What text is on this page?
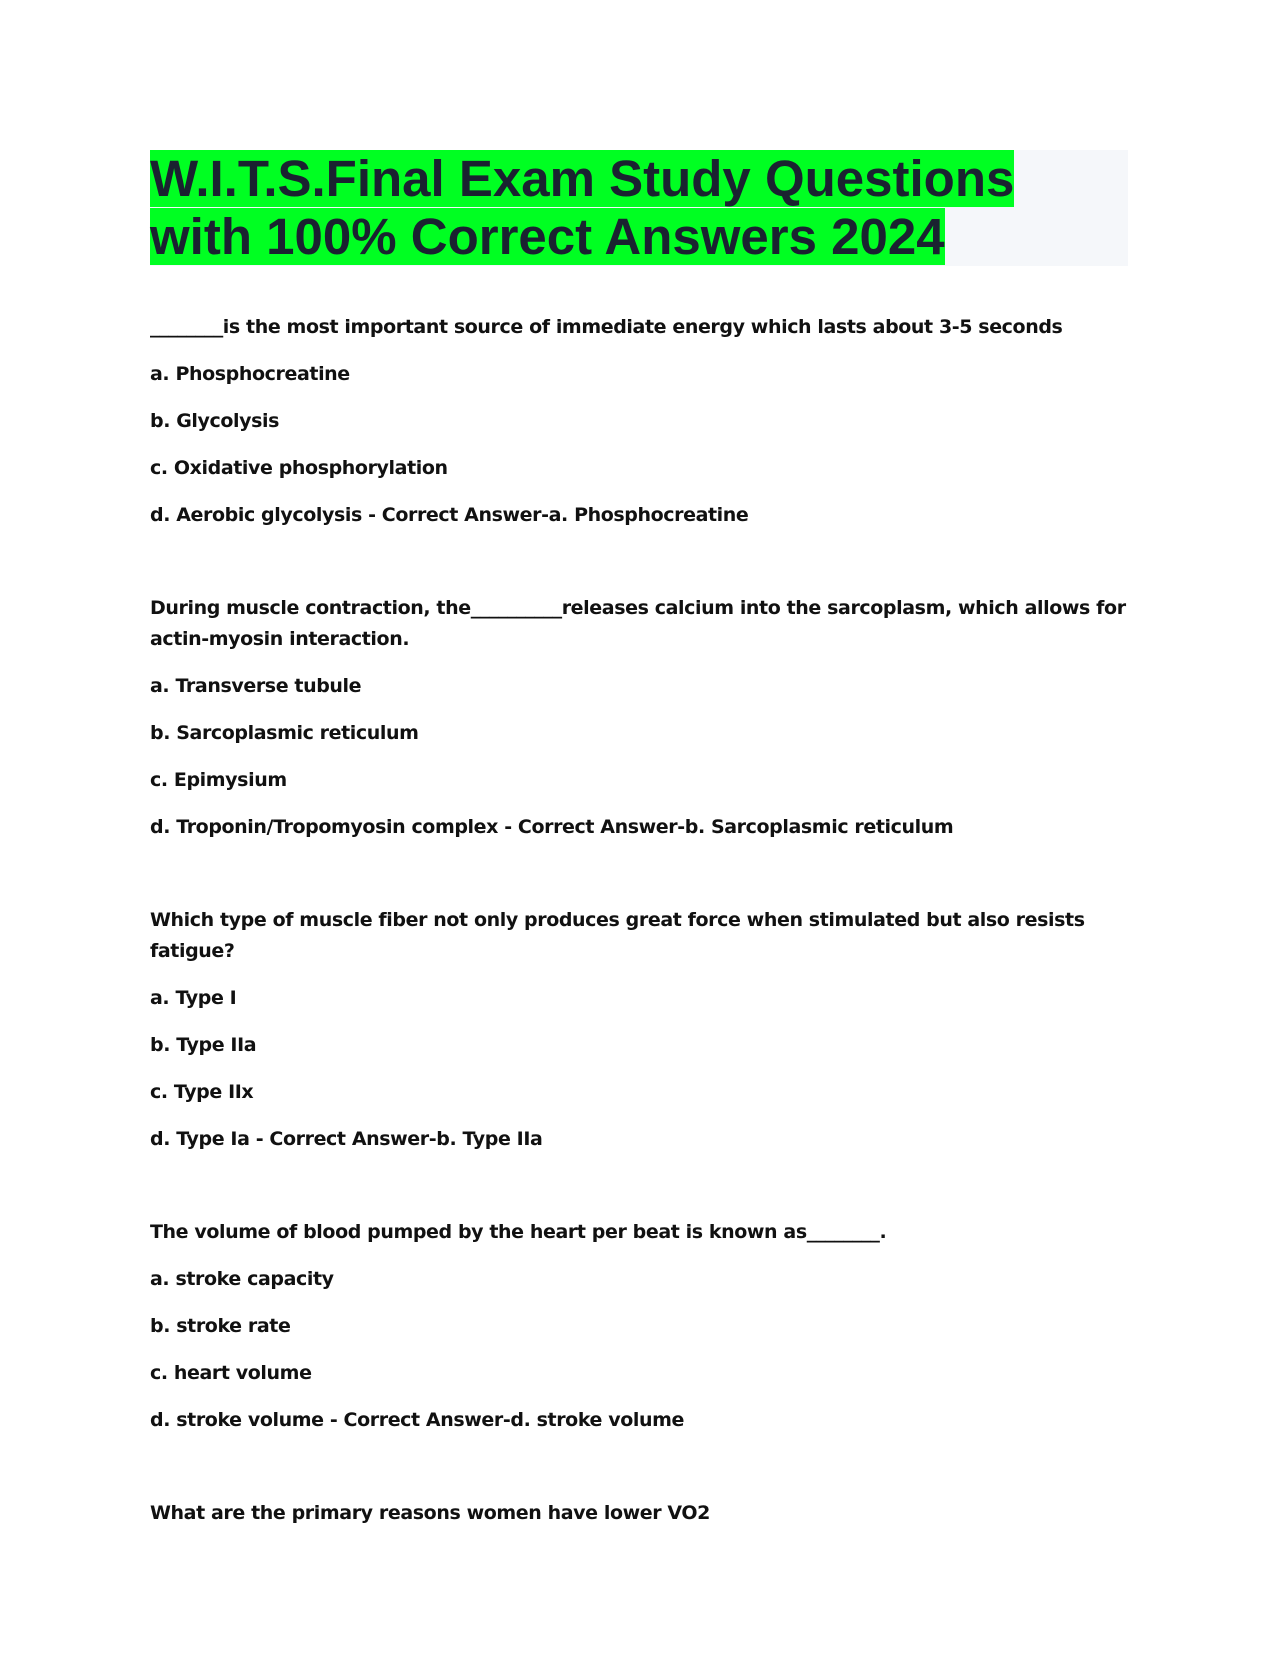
W.I.T.S.Final Exam Study Questions with 100% Correct Answers 2024

________is the most important source of immediate energy which lasts about 3-5 seconds

a. Phosphocreatine

b. Glycolysis

c. Oxidative phosphorylation

d. Aerobic glycolysis - Correct Answer-a. Phosphocreatine

During muscle contraction, the__________releases calcium into the sarcoplasm, which allows for actin-myosin interaction.

a. Transverse tubule

b. Sarcoplasmic reticulum

c. Epimysium

d. Troponin/Tropomyosin complex - Correct Answer-b. Sarcoplasmic reticulum

Which type of muscle fiber not only produces great force when stimulated but also resists fatigue?

a. Type I

b. Type IIa

c. Type IIx

d. Type Ia - Correct Answer-b. Type IIa

The volume of blood pumped by the heart per beat is known as________.

a. stroke capacity

b. stroke rate

c. heart volume

d. stroke volume - Correct Answer-d. stroke volume

What are the primary reasons women have lower VO2
